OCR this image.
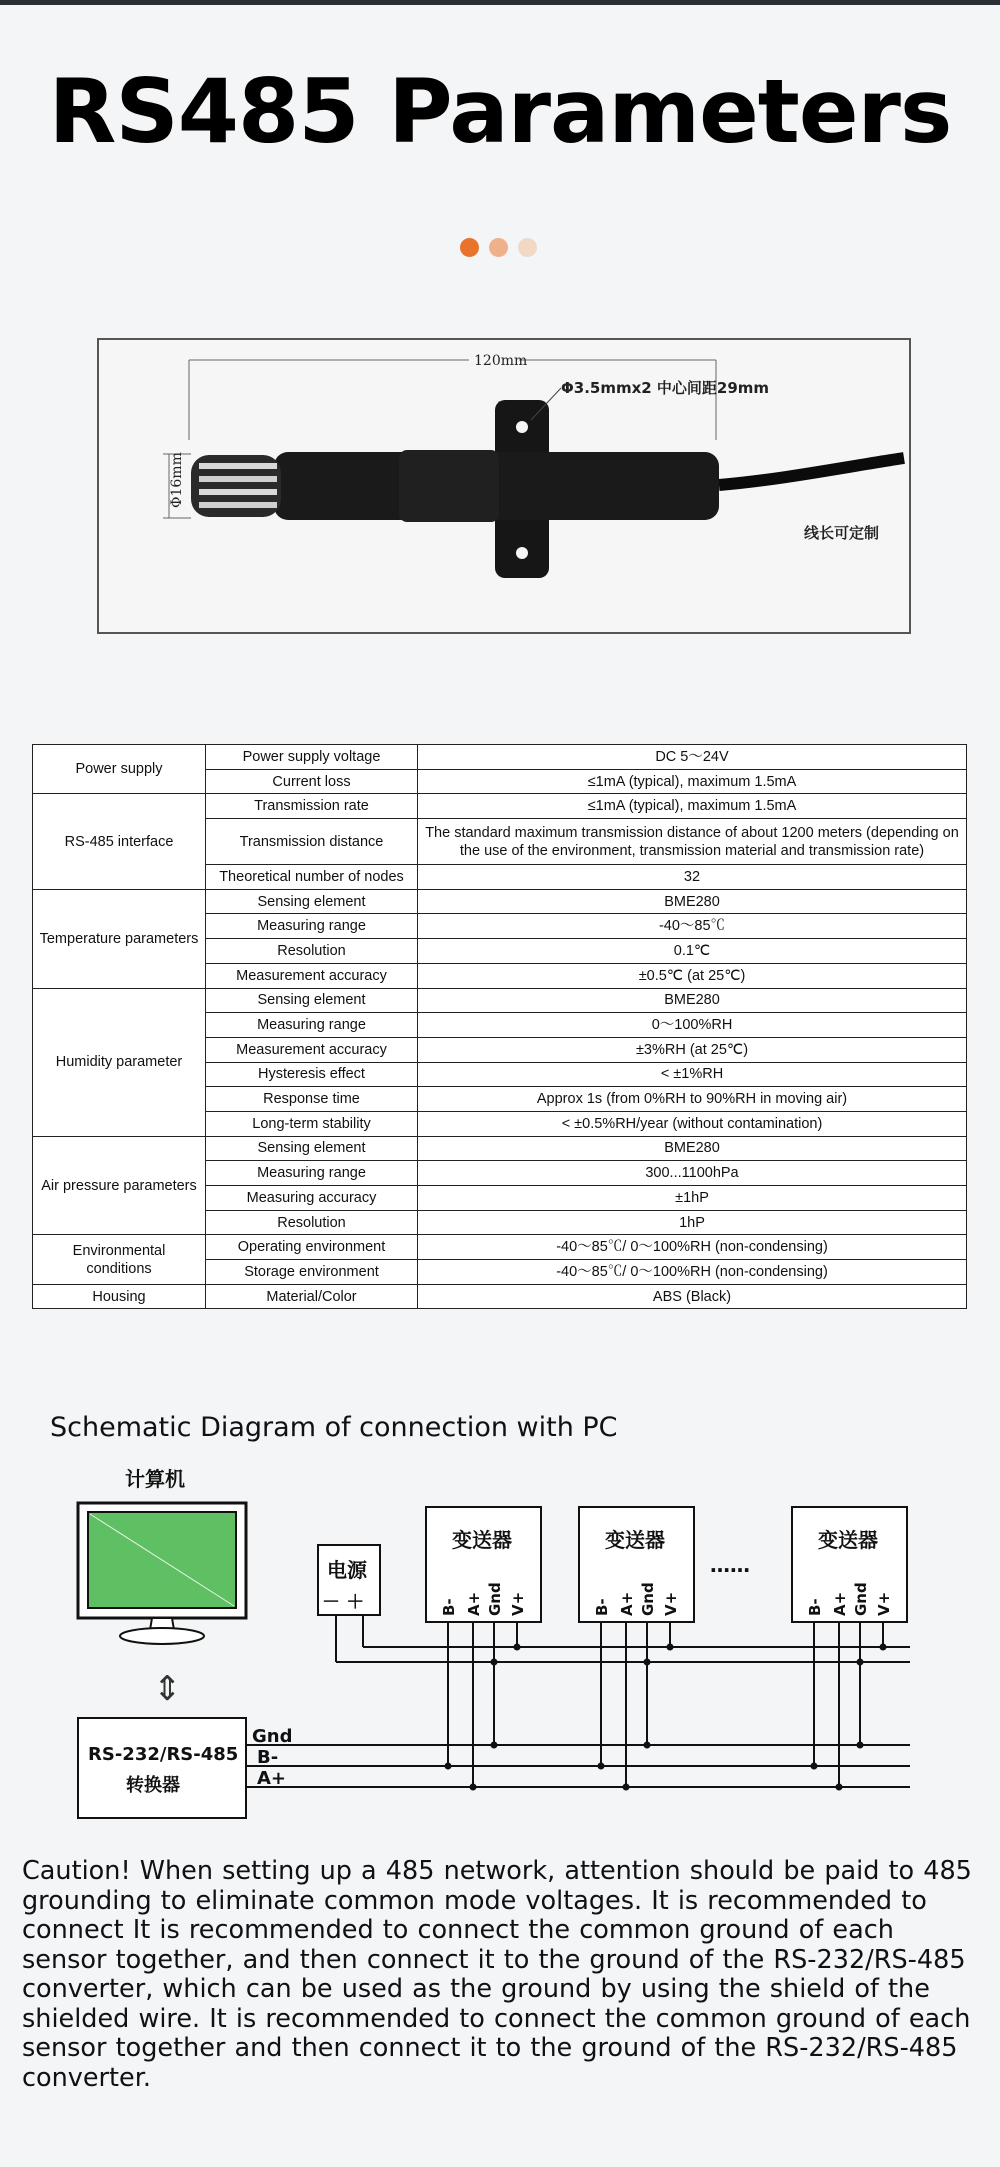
RS485 Parameters
120mm
Φ3.5mmx2 中心间距29mm
Φ16mm
线长可定制
Power supply	Power supply voltage	DC 5～24V
	Current loss	≤1mA (typical), maximum 1.5mA
RS-485 interface	Transmission rate	≤1mA (typical), maximum 1.5mA
	Transmission distance	The standard maximum transmission distance of about 1200 meters (depending on the use of the environment, transmission material and transmission rate)
	Theoretical number of nodes	32
Temperature parameters	Sensing element	BME280
	Measuring range	-40～85℃
	Resolution	0.1℃
	Measurement accuracy	±0.5℃ (at 25℃)
Humidity parameter	Sensing element	BME280
	Measuring range	0～100%RH
	Measurement accuracy	±3%RH (at 25℃)
	Hysteresis effect	< ±1%RH
	Response time	Approx 1s (from 0%RH to 90%RH in moving air)
	Long-term stability	< ±0.5%RH/year (without contamination)
Air pressure parameters	Sensing element	BME280
	Measuring range	300...1100hPa
	Measuring accuracy	±1hP
	Resolution	1hP
Environmental conditions	Operating environment	-40～85℃/ 0～100%RH (non-condensing)
	Storage environment	-40～85℃/ 0～100%RH (non-condensing)
Housing	Material/Color	ABS (Black)
Schematic Diagram of connection with PC
计算机
⇕
RS-232/RS-485
转换器
Gnd
B-
A+
电源
－ ＋
变送器	变送器
……
变送器
B- A+ Gnd V+	B- A+ Gnd V+	B- A+ Gnd V+

Caution! When setting up a 485 network, attention should be paid to 485 grounding to eliminate common mode voltages. It is recommended to connect It is recommended to connect the common ground of each sensor together, and then connect it to the ground of the RS-232/RS-485 converter, which can be used as the ground by using the shield of the shielded wire. It is recommended to connect the common ground of each sensor together and then connect it to the ground of the RS-232/RS-485 converter.
